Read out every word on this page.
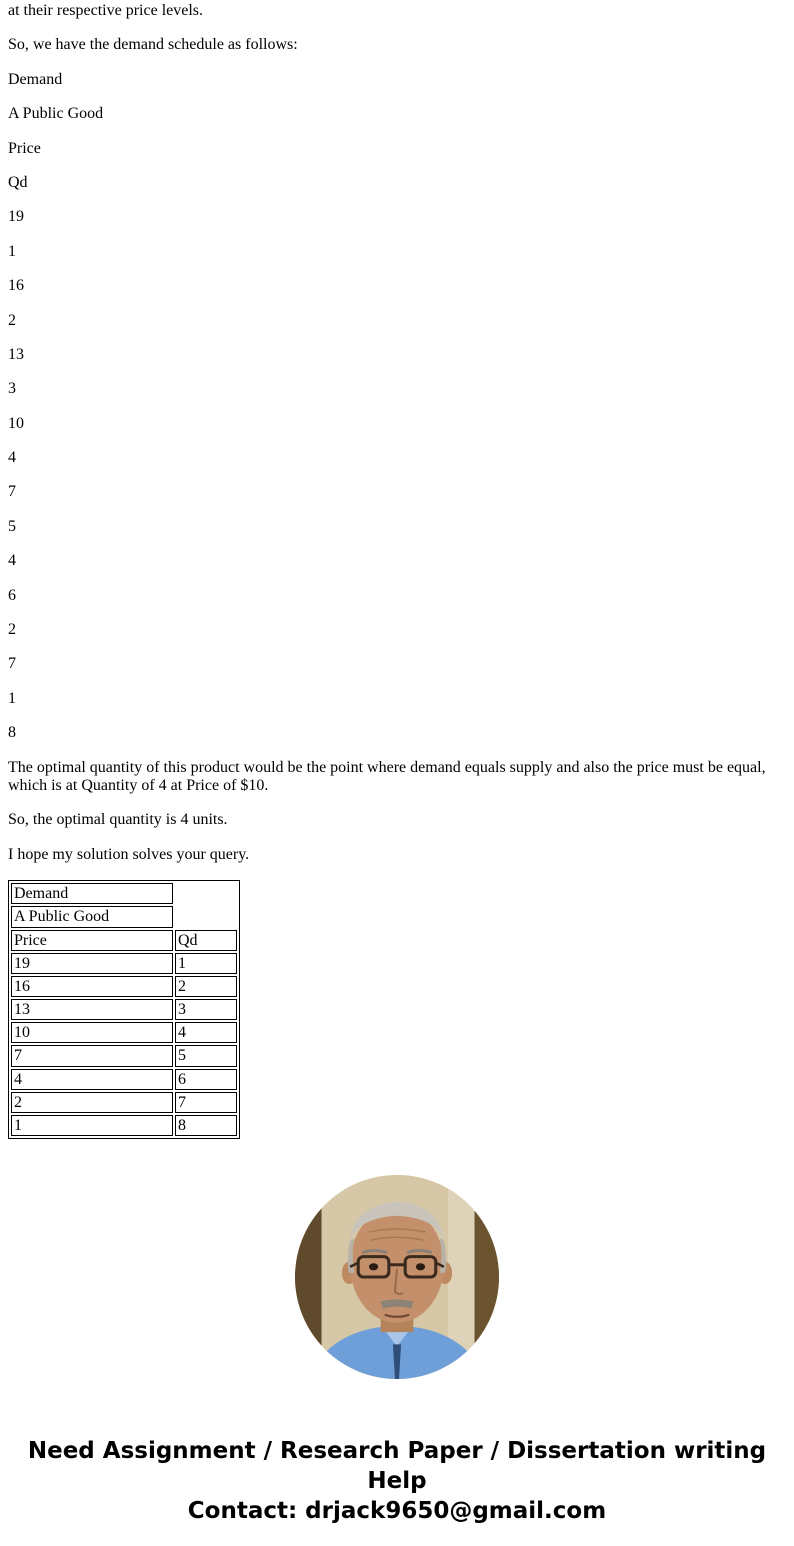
at their respective price levels.

So, we have the demand schedule as follows:

Demand

A Public Good

Price

Qd

19

1

16

2

13

3

10

4

7

5

4

6

2

7

1

8

The optimal quantity of this product would be the point where demand equals supply and also the price must be equal, which is at Quantity of 4 at Price of $10.

So, the optimal quantity is 4 units.

I hope my solution solves your query.

Demand	
A Public Good	
Price	Qd
19	1
16	2
13	3
10	4
7	5
4	6
2	7
1	8
Need Assignment / Research Paper / Dissertation writing Help
Contact: drjack9650@gmail.com
